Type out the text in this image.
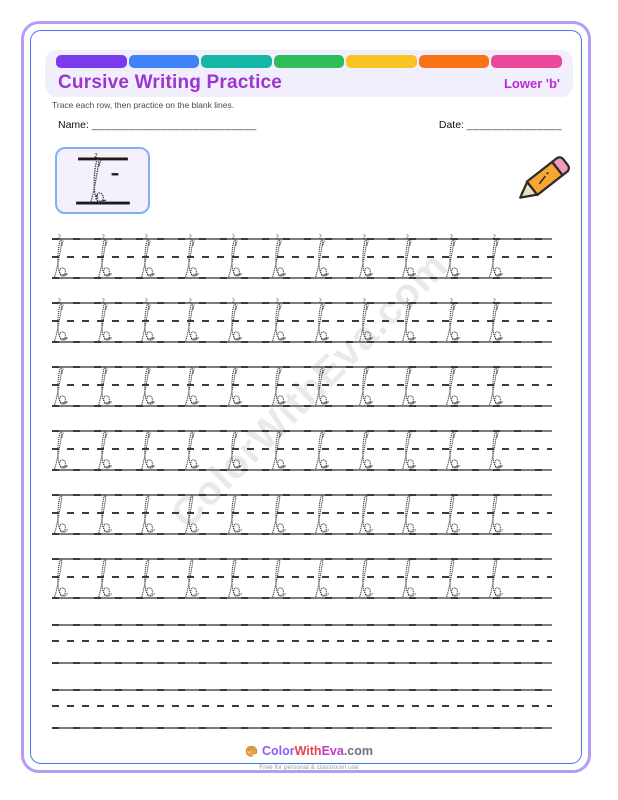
Cursive Writing Practice	Lower 'b'
Trace each row, then practice on the blank lines.
Name: __________________________	Date: _______________
3
ColorWithEva.com
ColorWithEva.com
Free for personal & classroom use
